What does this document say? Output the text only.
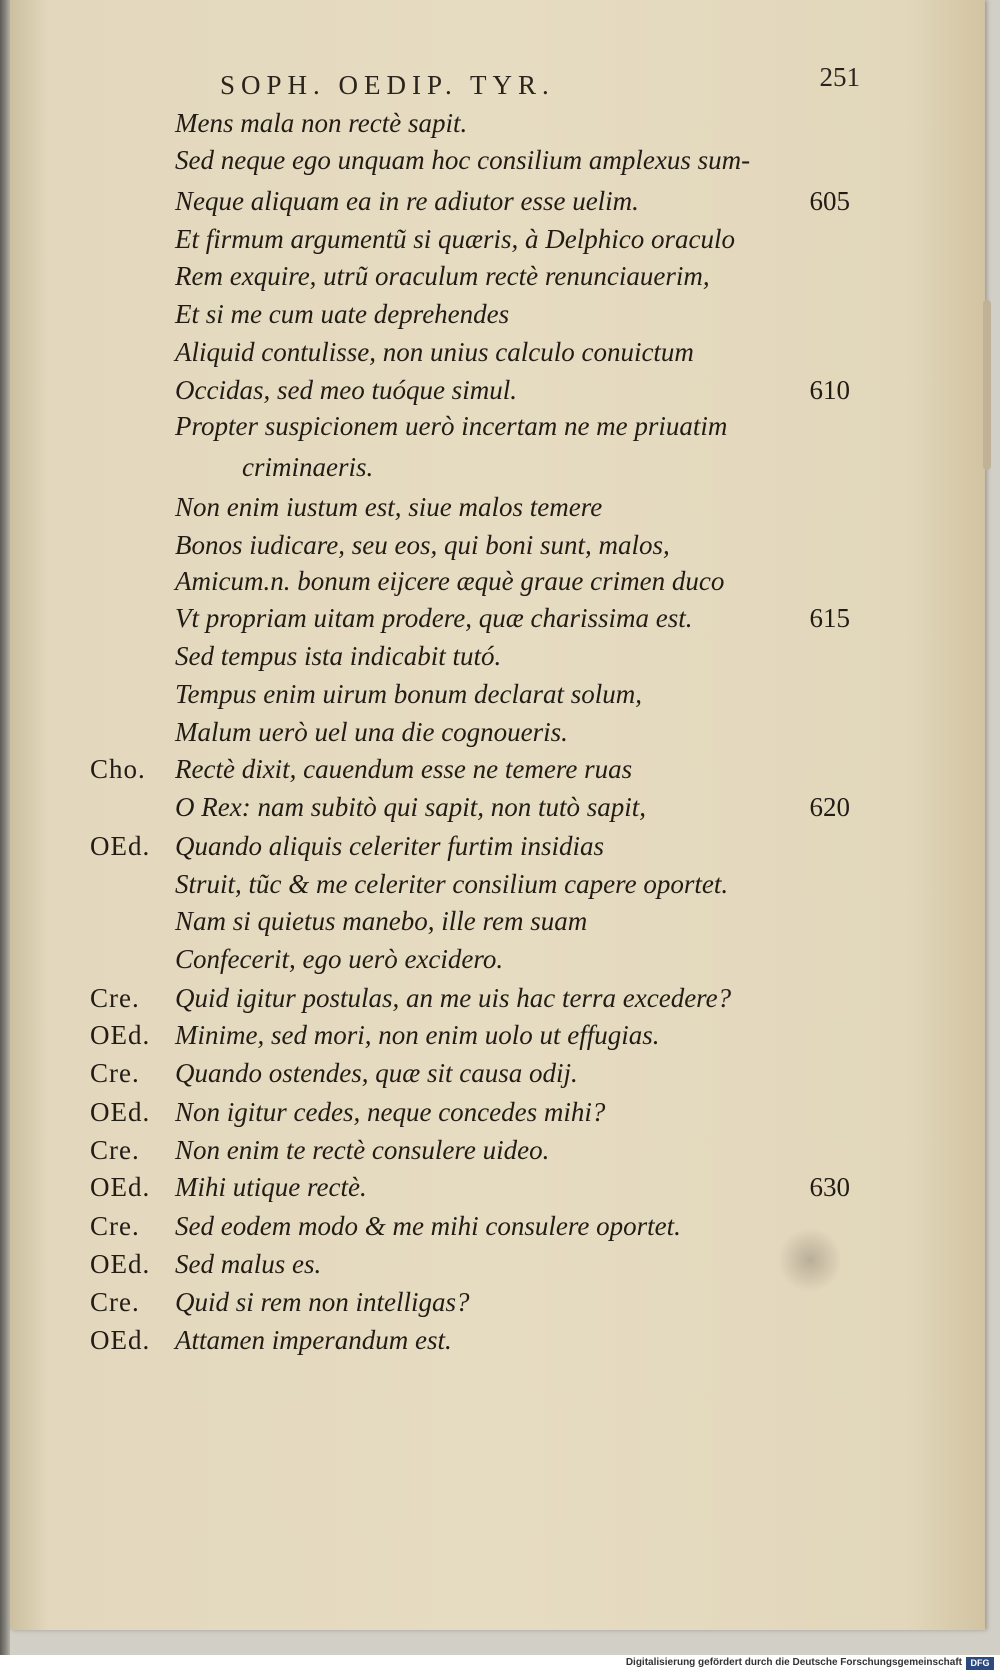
SOPH. OEDIP. TYR.	251
Mens mala non rectè sapit.
Sed neque ego unquam hoc consilium amplexus sum-
Neque aliquam ea in re adiutor esse uelim.	605
Et firmum argumentũ si quæris, à Delphico oraculo
Rem exquire, utrũ oraculum rectè renunciauerim,
Et si me cum uate deprehendes
Aliquid contulisse, non unius calculo conuictum
Occidas, sed meo tuóque simul.	610
Propter suspicionem uerò incertam ne me priuatim
criminaeris.
Non enim iustum est, siue malos temere
Bonos iudicare, seu eos, qui boni sunt, malos,
Amicum.n. bonum eijcere æquè graue crimen duco
Vt propriam uitam prodere, quæ charissima est.	615
Sed tempus ista indicabit tutó.
Tempus enim uirum bonum declarat solum,
Malum uerò uel una die cognoueris.
Cho. Rectè dixit, cauendum esse ne temere ruas
O Rex: nam subitò qui sapit, non tutò sapit,	620
OEd. Quando aliquis celeriter furtim insidias
Struit, tũc & me celeriter consilium capere oportet.
Nam si quietus manebo, ille rem suam
Confecerit, ego uerò excidero.
Cre. Quid igitur postulas, an me uis hac terra excedere?
OEd. Minime, sed mori, non enim uolo ut effugias.
Cre. Quando ostendes, quæ sit causa odij.
OEd. Non igitur cedes, neque concedes mihi?
Cre. Non enim te rectè consulere uideo.
OEd. Mihi utique rectè.	630
Cre. Sed eodem modo & me mihi consulere oportet.
OEd. Sed malus es.
Cre. Quid si rem non intelligas?
OEd. Attamen imperandum est.
Digitalisierung gefördert durch die Deutsche Forschungsgemeinschaft DFG
